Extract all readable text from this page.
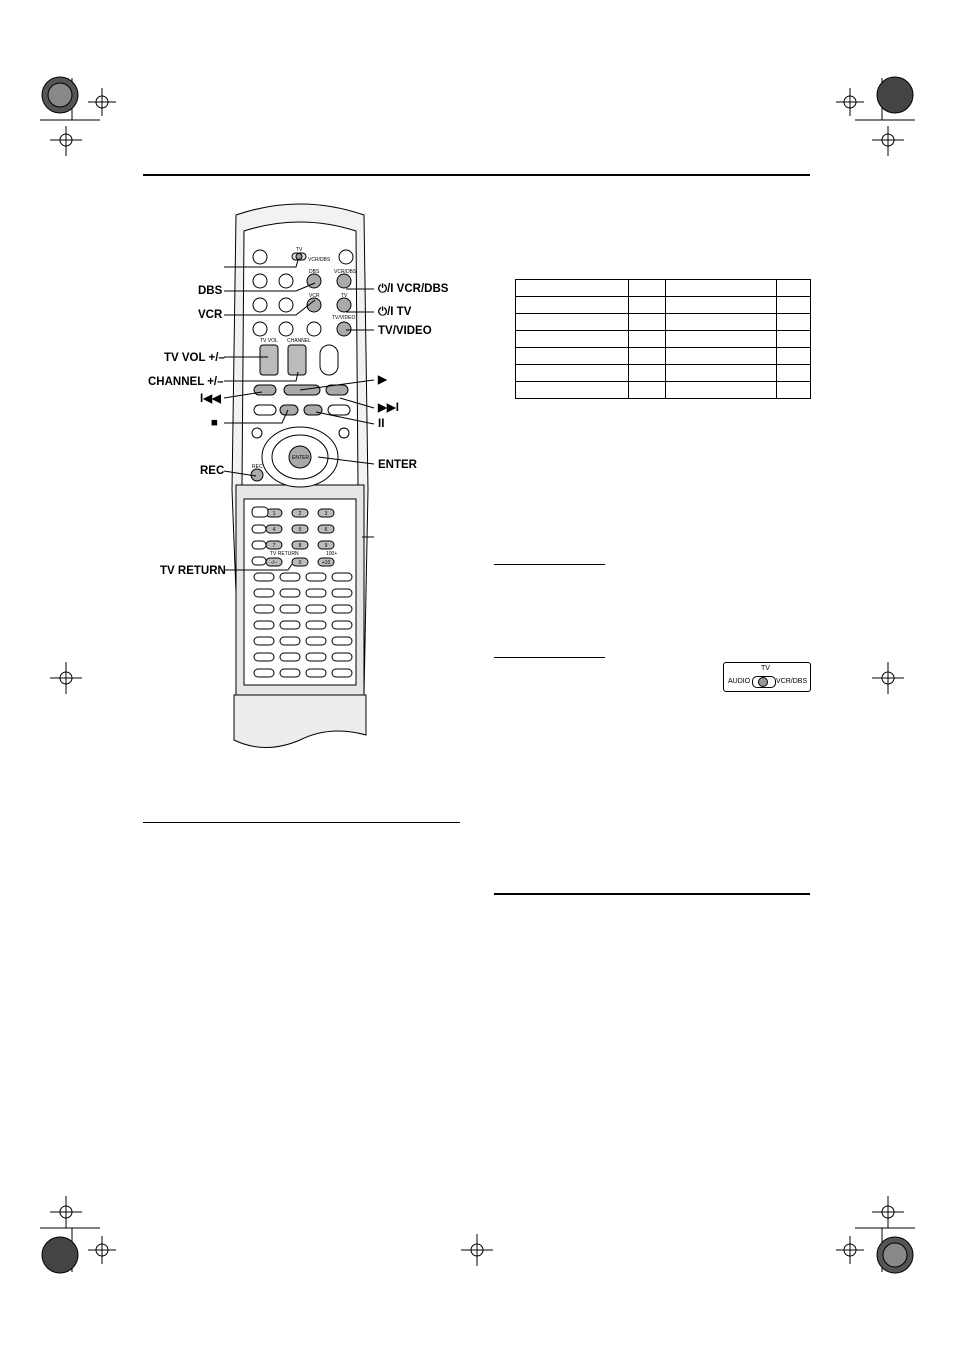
TV
VCR/DBS
DBS	VCR/DBS
VCR	TV
TV/VIDEO
TV VOL CHANNEL
ENTER
REC
TV RETURN	100+
1	2	3
4	5	6
7	8	9
-/--	0	+10
DBS
VCR
TV VOL +/–
CHANNEL +/–
I◀◀
■
REC
TV RETURN
⏻/I VCR/DBS
⏻/I TV
TV/VIDEO
▶
▶▶I
II
ENTER

TV
AUDIO	VCR/DBS
